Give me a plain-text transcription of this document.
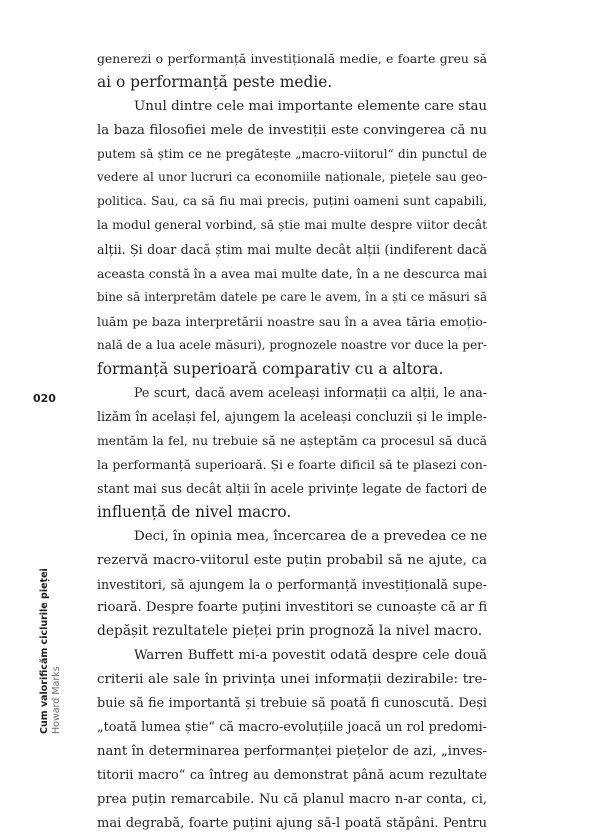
generezi o performanță investițională medie, e foarte greu să
ai o performanță peste medie.
Unul dintre cele mai importante elemente care stau
la baza filosofiei mele de investiții este convingerea că nu
putem să știm ce ne pregătește „macro-viitorul“ din punctul de
vedere al unor lucruri ca economiile naționale, piețele sau geo-
politica. Sau, ca să fiu mai precis, puțini oameni sunt capabili,
la modul general vorbind, să știe mai multe despre viitor decât
alții. Și doar dacă știm mai multe decât alții (indiferent dacă
aceasta constă în a avea mai multe date, în a ne descurca mai
bine să interpretăm datele pe care le avem, în a ști ce măsuri să
luăm pe baza interpretării noastre sau în a avea tăria emoțio-
nală de a lua acele măsuri), prognozele noastre vor duce la per-
formanță superioară comparativ cu a altora.
Pe scurt, dacă avem aceleași informații ca alții, le ana-
lizăm în același fel, ajungem la aceleași concluzii și le imple-
mentăm la fel, nu trebuie să ne așteptăm ca procesul să ducă
la performanță superioară. Și e foarte dificil să te plasezi con-
stant mai sus decât alții în acele privințe legate de factori de
influență de nivel macro.
Deci, în opinia mea, încercarea de a prevedea ce ne
rezervă macro-viitorul este puțin probabil să ne ajute, ca
investitori, să ajungem la o performanță investițională supe-
rioară. Despre foarte puțini investitori se cunoaște că ar fi
depășit rezultatele pieței prin prognoză la nivel macro.
Warren Buffett mi-a povestit odată despre cele două
criterii ale sale în privința unei informații dezirabile: tre-
buie să fie importantă și trebuie să poată fi cunoscută. Deși
„toată lumea știe“ că macro-evoluțiile joacă un rol predomi-
nant în determinarea performanței piețelor de azi, „inves-
titorii macro“ ca întreg au demonstrat până acum rezultate
prea puțin remarcabile. Nu că planul macro n-ar conta, ci,
mai degrabă, foarte puțini ajung să-l poată stăpâni. Pentru
020
Cum valorificăm ciclurile pieței Howard Marks
